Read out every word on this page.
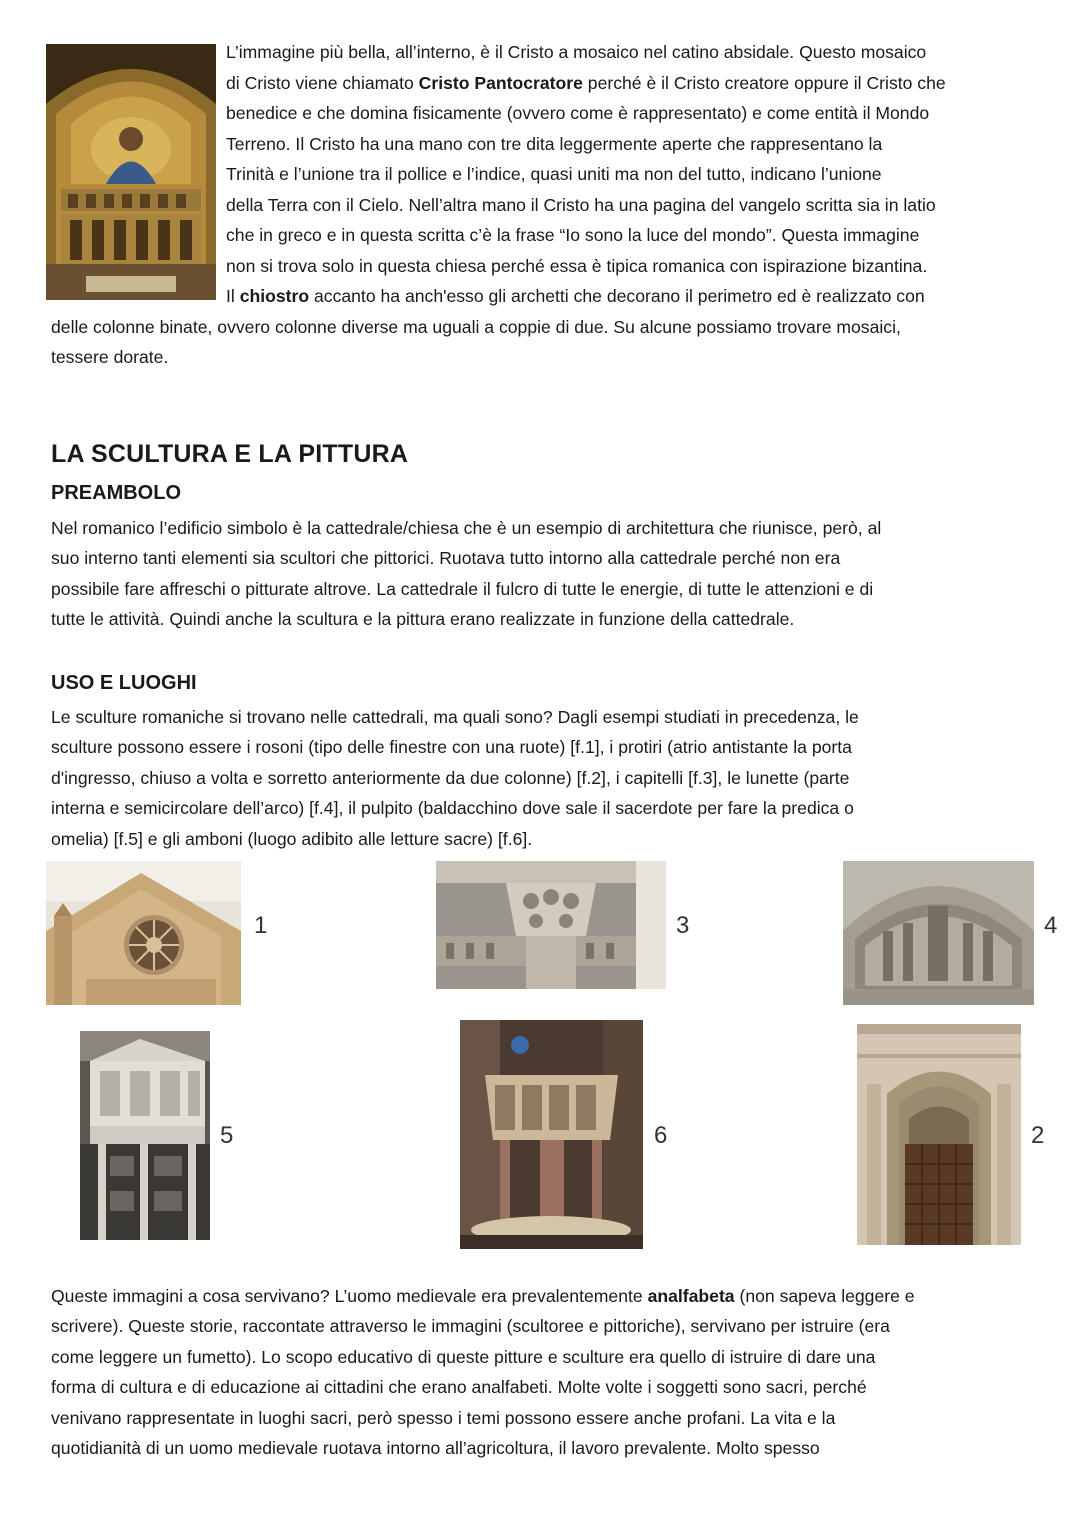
L’immagine più bella, all’interno, è il Cristo a mosaico nel catino absidale. Questo mosaico
di Cristo viene chiamato Cristo Pantocratore perché è il Cristo creatore oppure il Cristo che
benedice e che domina fisicamente (ovvero come è rappresentato) e come entità il Mondo
Terreno. Il Cristo ha una mano con tre dita leggermente aperte che rappresentano la
Trinità e l’unione tra il pollice e l’indice, quasi uniti ma non del tutto, indicano l’unione
della Terra con il Cielo. Nell’altra mano il Cristo ha una pagina del vangelo scritta sia in latio
che in greco e in questa scritta c’è la frase “Io sono la luce del mondo”. Questa immagine
non si trova solo in questa chiesa perché essa è tipica romanica con ispirazione bizantina.
Il chiostro accanto ha anch'esso gli archetti che decorano il perimetro ed è realizzato con
delle colonne binate, ovvero colonne diverse ma uguali a coppie di due. Su alcune possiamo trovare mosaici,
tessere dorate.
LA SCULTURA E LA PITTURA
PREAMBOLO
Nel romanico l’edificio simbolo è la cattedrale/chiesa che è un esempio di architettura che riunisce, però, al
suo interno tanti elementi sia scultori che pittorici. Ruotava tutto intorno alla cattedrale perché non era
possibile fare affreschi o pitturate altrove. La cattedrale il fulcro di tutte le energie, di tutte le attenzioni e di
tutte le attività. Quindi anche la scultura e la pittura erano realizzate in funzione della cattedrale.
USO E LUOGHI
Le sculture romaniche si trovano nelle cattedrali, ma quali sono? Dagli esempi studiati in precedenza, le
sculture possono essere i rosoni (tipo delle finestre con una ruote) [f.1], i protiri (atrio antistante la porta
d'ingresso, chiuso a volta e sorretto anteriormente da due colonne) [f.2], i capitelli [f.3], le lunette (parte
interna e semicircolare dell’arco) [f.4], il pulpito (baldacchino dove sale il sacerdote per fare la predica o
omelia) [f.5] e gli amboni (luogo adibito alle letture sacre) [f.6].
1	3	4
5	6	2
Queste immagini a cosa servivano? L’uomo medievale era prevalentemente analfabeta (non sapeva leggere e
scrivere). Queste storie, raccontate attraverso le immagini (scultoree e pittoriche), servivano per istruire (era
come leggere un fumetto). Lo scopo educativo di queste pitture e sculture era quello di istruire di dare una
forma di cultura e di educazione ai cittadini che erano analfabeti. Molte volte i soggetti sono sacri, perché
venivano rappresentate in luoghi sacri, però spesso i temi possono essere anche profani. La vita e la
quotidianità di un uomo medievale ruotava intorno all’agricoltura, il lavoro prevalente. Molto spesso
